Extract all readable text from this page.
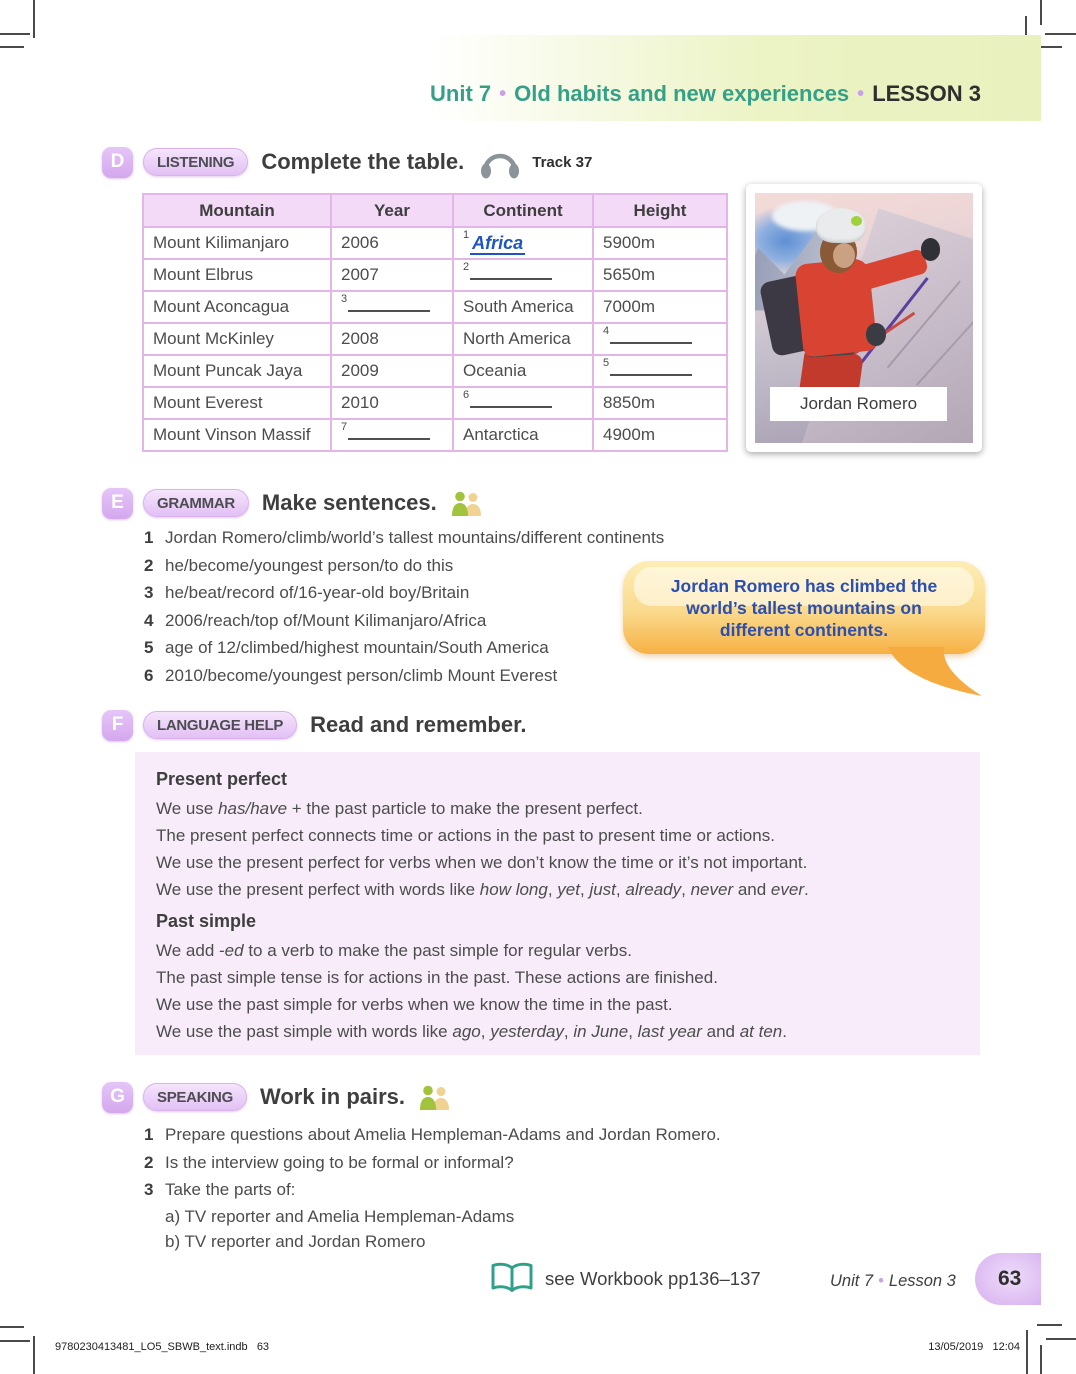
Unit 7 • Old habits and new experiences • LESSON 3
D	LISTENING	Complete the table.	Track 37
Mountain	Year	Continent	Height
Mount Kilimanjaro	2006	$^1$ Africa	5900m
Mount Elbrus	2007	$^2$	5650m
Mount Aconcagua	$^3$	South America	7000m
Mount McKinley	2008	North America	$^4$
Mount Puncak Jaya	2009	Oceania	$^5$
Mount Everest	2010	$^6$	8850m
Mount Vinson Massif	$^7$	Antarctica	4900m
Jordan Romero
E	GRAMMAR	Make sentences.
1 Jordan Romero/climb/world’s tallest mountains/different continents
2 he/become/youngest person/to do this
3 he/beat/record of/16-year-old boy/Britain
4 2006/reach/top of/Mount Kilimanjaro/Africa
5 age of 12/climbed/highest mountain/South America
6 2010/become/youngest person/climb Mount Everest
Jordan Romero has climbed the
world’s tallest mountains on
different continents.
F	LANGUAGE HELP	Read and remember.
Present perfect
We use has/have + the past particle to make the present perfect.
The present perfect connects time or actions in the past to present time or actions.
We use the present perfect for verbs when we don’t know the time or it’s not important.
We use the present perfect with words like how long, yet, just, already, never and ever.
Past simple
We add -ed to a verb to make the past simple for regular verbs.
The past simple tense is for actions in the past. These actions are finished.
We use the past simple for verbs when we know the time in the past.
We use the past simple with words like ago, yesterday, in June, last year and at ten.
G	SPEAKING	Work in pairs.
1 Prepare questions about Amelia Hempleman-Adams and Jordan Romero.
2 Is the interview going to be formal or informal?
3 Take the parts of:
a) TV reporter and Amelia Hempleman-Adams
b) TV reporter and Jordan Romero
see Workbook pp136–137	Unit 7 • Lesson 3 63
9780230413481_LO5_SBWB_text.indb   63	13/05/2019   12:04
